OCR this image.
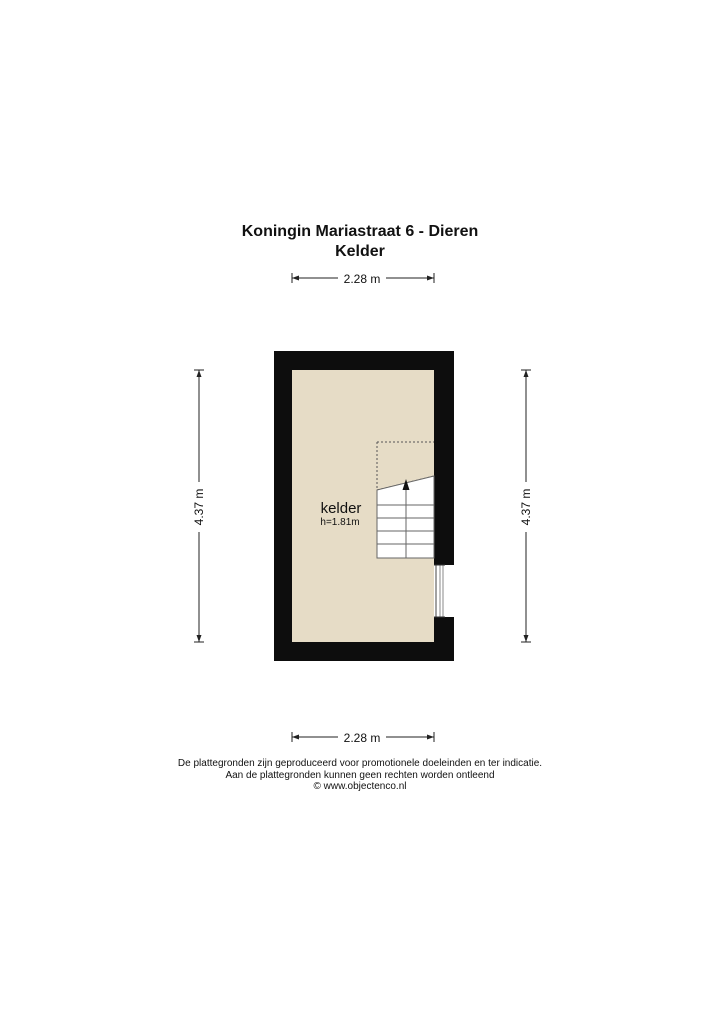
Koningin Mariastraat 6 - Dieren
Kelder
2.28 m
2.28 m
4.37 m	4.37 m
kelder
h=1.81m
De plattegronden zijn geproduceerd voor promotionele doeleinden en ter indicatie.
Aan de plattegronden kunnen geen rechten worden ontleend
© www.objectenco.nl
